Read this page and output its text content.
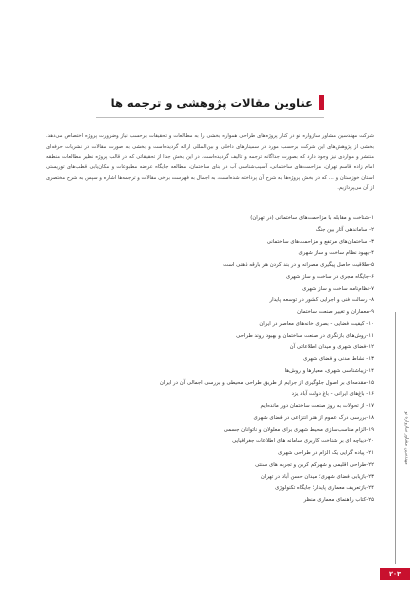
عناوین مقالات پژوهشی و ترجمه ها

شرکت مهندسین مشاور سازواره نو در کنار پروژه‌های طراحی همواره بخشی را به مطالعات و تحقیقات برحسب نیاز وضرورت پروژه اختصاص می‌دهد. بخشی از پژوهش‌های این شرکت برحسب مورد در سمینارهای داخلی و بین‌المللی ارائه گردیده‌است و بخشی به صورت مقالات در نشریات حرفه‌ای منتشر و مواردی نیز وجود دارد که بصورت جداگانه ترجمه و تالیف گردیده‌است. در این بخش جدا از تحقیقاتی که در قالب پروژه نظیر مطالعات منطقه امام زاده قاسم تهران، مزاحمت‌های ساختمانی، آسیب‌شناسی آب در بنای ساختمان، مطالعه جایگاه عرضه مطبوعات و مکان‌یابی قطب‌های توریستی استان خوزستان و … که در بخش پروژه‌ها به شرح آن پرداخته شده‌است، به اجمال به فهرست برخی مقالات و ترجمه‌ها اشاره و سپس به شرح مختصری از آن می‌پردازیم.

۱-شناخت و مقابله با مزاحمت‌های ساختمانی (در تهران)
۲- ساماندهی آثار بین جنگ
۳- ساختمان‌های مرتفع و مزاحمت‌های ساختمانی
۴-بهبود نظام ساخت و ساز شهری
۵-طلاقیت حاصل پیگیری مصرانه و در بند کردن هر بارقه ذهنی است
۶-جایگاه مجری در ساخت و ساز شهری
۷-نظام‌نامه ساخت و ساز شهری
۸- رسالت فنی و اجرایی کشور در توسعه پایدار
۹-معماران و تغییر صنعت ساختمان
۱۰- کیفیت فضایی - بصری خانه‌های معاصر در ایران
۱۱-روش‌های بازنگری در صنعت ساختمان و بهبود روند طراحی
۱۲-فضای شهری و میدان اطلاعاتی آن
۱۳- نشاط مدنی و فضای شهری
۱۴-زیباشناسی شهری، معیارها و روش‌ها
۱۵-مقدمه‌ای بر اصول جلوگیری از جرایم از طریق طراحی محیطی و بررسی اجمالی آن در ایران
۱۶- باغ‌های ایرانی - باغ دولت آباد یزد
۱۷- از تحولات به روز صنعت ساختمان دور مانده‌ایم
۱۸-بررسی درک عموم از هنر انتزاعی در فضای شهری
۱۹-الزام مناسب‌سازی محیط شهری برای معلولان و ناتوانان جسمی
۲۰-دیباچه ای بر شناخت کاربری سامانه های اطلاعات جغرافیایی
۲۱- پیاده گرایی یک الزام در طراحی شهری
۲۲-طراحی اقلیمی و شهرکم کربن و تجربه های سنتی
۲۳-بازیابی فضای شهری؛ میدان حسن آباد در تهران
۲۴-بازتعریف معماری پایدار؛ جایگاه تکنولوژی
۲۵-کتاب راهنمای معماری منظر
مهندسین مشاور سازواره نو
۲۰۳
